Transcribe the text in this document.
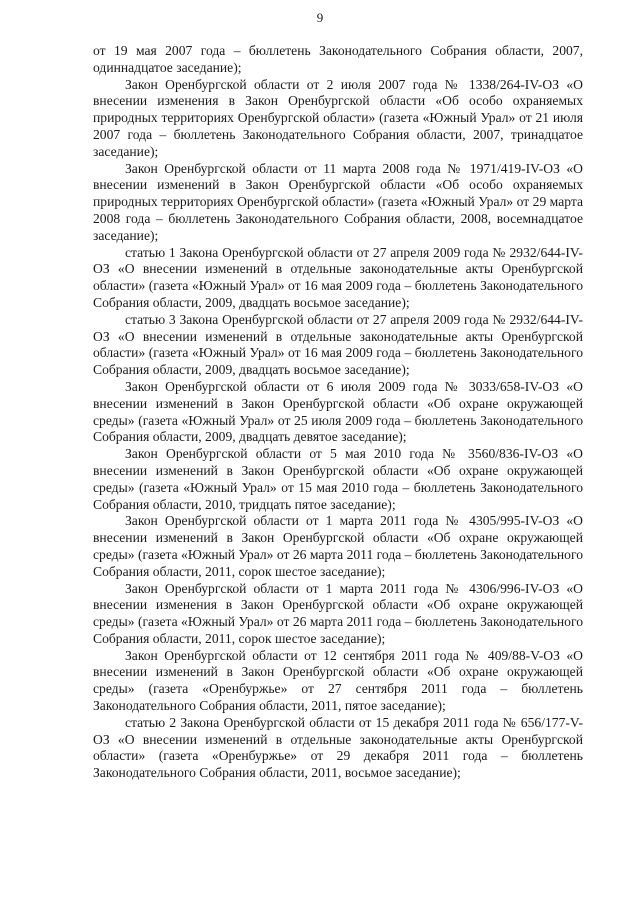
9

от 19 мая 2007 года – бюллетень Законодательного Собрания области, 2007, одиннадцатое заседание);

Закон Оренбургской области от 2 июля 2007 года № 1338/264-IV-ОЗ «О внесении изменения в Закон Оренбургской области «Об особо охраняемых природных территориях Оренбургской области» (газета «Южный Урал» от 21 июля 2007 года – бюллетень Законодательного Собрания области, 2007, тринадцатое заседание);

Закон Оренбургской области от 11 марта 2008 года № 1971/419-IV-ОЗ «О внесении изменений в Закон Оренбургской области «Об особо охраняемых природных территориях Оренбургской области» (газета «Южный Урал» от 29 марта 2008 года – бюллетень Законодательного Собрания области, 2008, восемнадцатое заседание);

статью 1 Закона Оренбургской области от 27 апреля 2009 года № 2932/644-IV-ОЗ «О внесении изменений в отдельные законодательные акты Оренбургской области» (газета «Южный Урал» от 16 мая 2009 года – бюллетень Законодательного Собрания области, 2009, двадцать восьмое заседание);

статью 3 Закона Оренбургской области от 27 апреля 2009 года № 2932/644-IV-ОЗ «О внесении изменений в отдельные законодательные акты Оренбургской области» (газета «Южный Урал» от 16 мая 2009 года – бюллетень Законодательного Собрания области, 2009, двадцать восьмое заседание);

Закон Оренбургской области от 6 июля 2009 года № 3033/658-IV-ОЗ «О внесении изменений в Закон Оренбургской области «Об охране окружающей среды» (газета «Южный Урал» от 25 июля 2009 года – бюллетень Законодательного Собрания области, 2009, двадцать девятое заседание);

Закон Оренбургской области от 5 мая 2010 года № 3560/836-IV-ОЗ «О внесении изменений в Закон Оренбургской области «Об охране окружающей среды» (газета «Южный Урал» от 15 мая 2010 года – бюллетень Законодательного Собрания области, 2010, тридцать пятое заседание);

Закон Оренбургской области от 1 марта 2011 года № 4305/995-IV-ОЗ «О внесении изменений в Закон Оренбургской области «Об охране окружающей среды» (газета «Южный Урал» от 26 марта 2011 года – бюллетень Законодательного Собрания области, 2011, сорок шестое заседание);

Закон Оренбургской области от 1 марта 2011 года № 4306/996-IV-ОЗ «О внесении изменения в Закон Оренбургской области «Об охране окружающей среды» (газета «Южный Урал» от 26 марта 2011 года – бюллетень Законодательного Собрания области, 2011, сорок шестое заседание);

Закон Оренбургской области от 12 сентября 2011 года № 409/88-V-ОЗ «О внесении изменений в Закон Оренбургской области «Об охране окружающей среды» (газета «Оренбуржье» от 27 сентября 2011 года – бюллетень Законодательного Собрания области, 2011, пятое заседание);

статью 2 Закона Оренбургской области от 15 декабря 2011 года № 656/177-V-ОЗ «О внесении изменений в отдельные законодательные акты Оренбургской области» (газета «Оренбуржье» от 29 декабря 2011 года – бюллетень Законодательного Собрания области, 2011, восьмое заседание);
